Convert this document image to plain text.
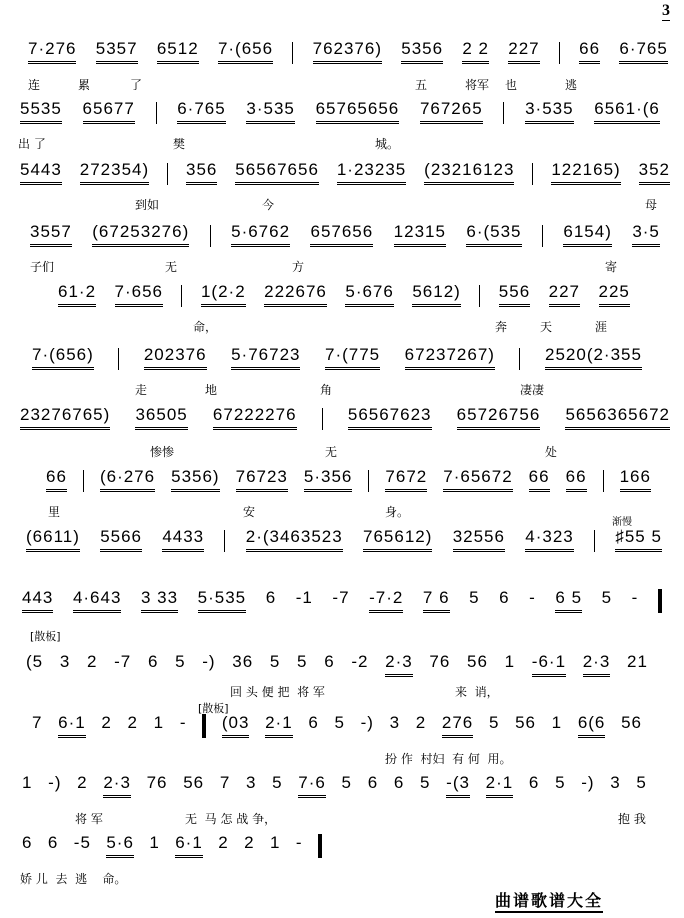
3
7·276 5357 6512 7·(656 762376) 5356 2 2 227 66 6·765
连	累	了	五	将军 也	逃
5535 65677 6·765 3·535 65765656 767265 3·535 6561·(6
出 了	樊	城。
5443 272354) 356 56567656 1·23235 (23216123 122165) 352
到如	今	母
3557 (67253276) 5·6762 657656 12315 6·(535 6154) 3·5
子们	无	方	寄
61·2 7·656 1(2·2 222676 5·676 5612) 556 227 225
命，	奔	天	涯
7·(656)	202376 5·76723 7·(775 67237267)	2520(2·355
走	地	角	凄凄
23276765) 36505 67222276	56567623 65726756 5656365672
惨惨	无	处
66 (6·276 5356) 76723 5·356 7672 7·65672 66 66 166
里	安	身。
(6611) 5566 4433 2·(3463523 765612) 32556 4·323 ♯55 5
443 4·643 3 33 5·535 6 -1 -7 -7·2 7 6 5 6 - 6 5 5 -
(5 3 2 -7 6 5 -) 36 5 5 6 -2 2·3 76 56 1 -6·1 2·3 21
回 头 便 把  将 军	来  诮，
7 6·1 2 2 1 - (03 2·1 6 5 -) 3 2 276 5 56 1 6(6 56
扮 作  村妇  有 何  用。
1 -) 2 2·3 76 56 7 3 5 7·6 5 6 6 5 -(3 2·1 6 5 -) 3 5
将 军	无  马 怎 战 争，	抱 我
6 6 -5 5·6 1 6·1 2 2 1 -
娇 儿  去  逃    命。
[散板]
[散板]
渐慢
曲谱歌谱大全
